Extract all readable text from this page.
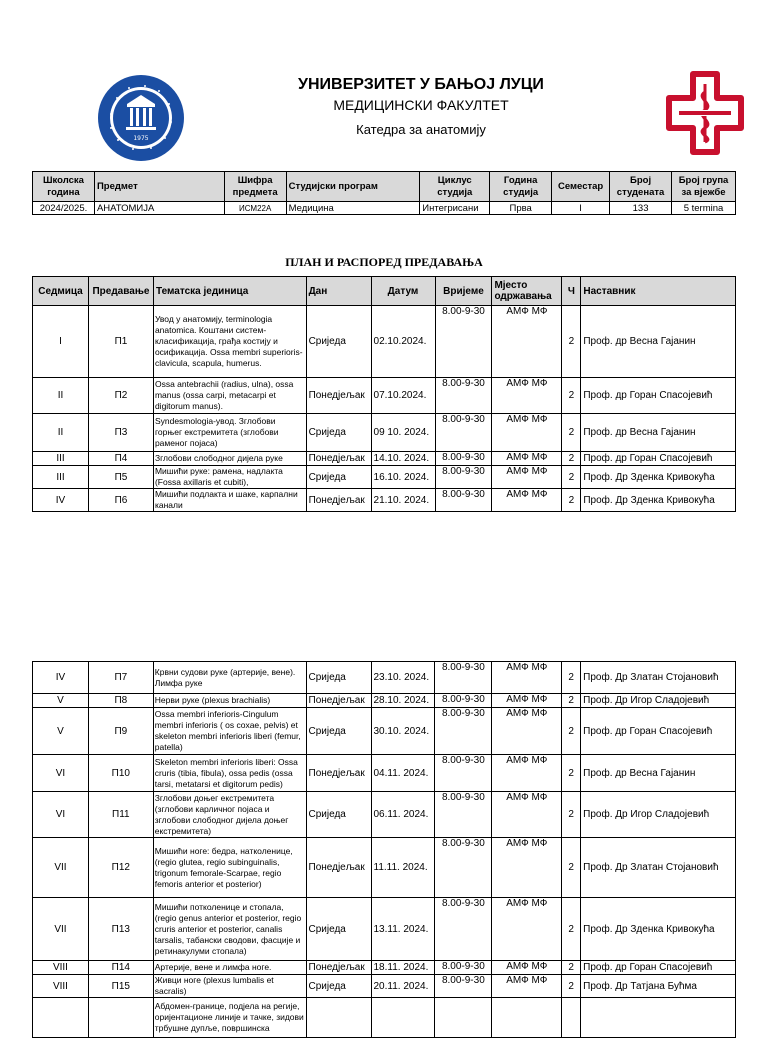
1975
УНИВЕРЗИТЕТ У БАЊОЈ ЛУЦИ
МЕДИЦИНСКИ ФАКУЛТЕТ
Катедра за анатомију
Школска година	Предмет	Шифра предмета	Студијски програм	Циклус студија	Година студија	Семестар	Број студената	Број група за вјежбе
2024/2025.	АНАТОМИЈА	ИСМ22А	Медицина	Интегрисани	Прва	I	133	5 termina
ПЛАН И РАСПОРЕД ПРЕДАВАЊА
Седмица	Предавање	Тематска јединица	Дан	Датум	Вријеме	Мјесто одржавања	Ч	Наставник
I	П1	Увод у анатомију, terminologia anatomica. Коштани систем-класификација, грађа костију и осификација. Ossa membri superioris-clavicula, scapula, humerus.	Сриједа	02.10.2024.	8.00-9-30	АМФ МФ	2	Проф. др Весна Гајанин
II	П2	Ossa antebrachii (radius, ulna), ossa manus (ossa carpi, metacarpi et digitorum manus).	Понедјељак	07.10.2024.	8.00-9-30	АМФ МФ	2	Проф. др Горан Спасојевић
II	П3	Syndesmologia-увод. Зглобови горњег екстремитета (зглобови раменог појаса)	Сриједа	09 10. 2024.	8.00-9-30	АМФ МФ	2	Проф. др Весна Гајанин
III	П4	Зглобови слободног дијела руке	Понедјељак	14.10. 2024.	8.00-9-30	АМФ МФ	2	Проф. др Горан Спасојевић
III	П5	Мишићи руке: рамена, надлакта (Fossa axillaris et cubiti),	Сриједа	16.10. 2024.	8.00-9-30	АМФ МФ	2	Проф. Др Зденка Кривокућа
IV	П6	Мишићи подлакта и шаке, карпални канали	Понедјељак	21.10. 2024.	8.00-9-30	АМФ МФ	2	Проф. Др Зденка Кривокућа
IV	П7	Крвни судови руке (артерије, вене). Лимфа руке	Сриједа	23.10. 2024.	8.00-9-30	АМФ МФ	2	Проф. Др Златан Стојановић
V	П8	Нерви руке (plexus brachialis)	Понедјељак	28.10. 2024.	8.00-9-30	АМФ МФ	2	Проф. Др Игор Сладојевић
V	П9	Ossa membri inferioris-Cingulum membri inferioris ( os coxae, pelvis) et skeleton membri inferioris liberi (femur, patella)	Сриједа	30.10. 2024.	8.00-9-30	АМФ МФ	2	Проф. др Горан Спасојевић
VI	П10	Skeleton membri inferioris liberi: Ossa cruris (tibia, fibula), ossa pedis (ossa tarsi, metatarsi et digitorum pedis)	Понедјељак	04.11. 2024.	8.00-9-30	АМФ МФ	2	Проф. др Весна Гајанин
VI	П11	Зглобови доњег екстремитета (зглобови карличног појаса и зглобови слободног дијела доњег екстремитета)	Сриједа	06.11. 2024.	8.00-9-30	АМФ МФ	2	Проф. Др Игор Сладојевић
VII	П12	Мишићи ноге: бедра, натколенице, (regio glutea, regio subinguinalis, trigonum femorale-Scarpae, regio femoris anterior et posterior)	Понедјељак	11.11. 2024.	8.00-9-30	АМФ МФ	2	Проф. Др Златан Стојановић
VII	П13	Мишићи потколенице и стопала, (regio genus anterior et posterior, regio cruris anterior et posterior, canalis tarsalis, табански сводови, фасције и ретинакулуми стопала)	Сриједа	13.11. 2024.	8.00-9-30	АМФ МФ	2	Проф. Др Зденка Кривокућа
VIII	П14	Артерије, вене и лимфа ноге.	Понедјељак	18.11. 2024.	8.00-9-30	АМФ МФ	2	Проф. др Горан Спасојевић
VIII	П15	Живци ноге (plexus lumbalis et sacralis)	Сриједа	20.11. 2024.	8.00-9-30	АМФ МФ	2	Проф. Др Татјана Бућма
		Абдомен-границе, подјела на регије, оријентационе линије и тачке, зидови трбушне дупље, површинска						
